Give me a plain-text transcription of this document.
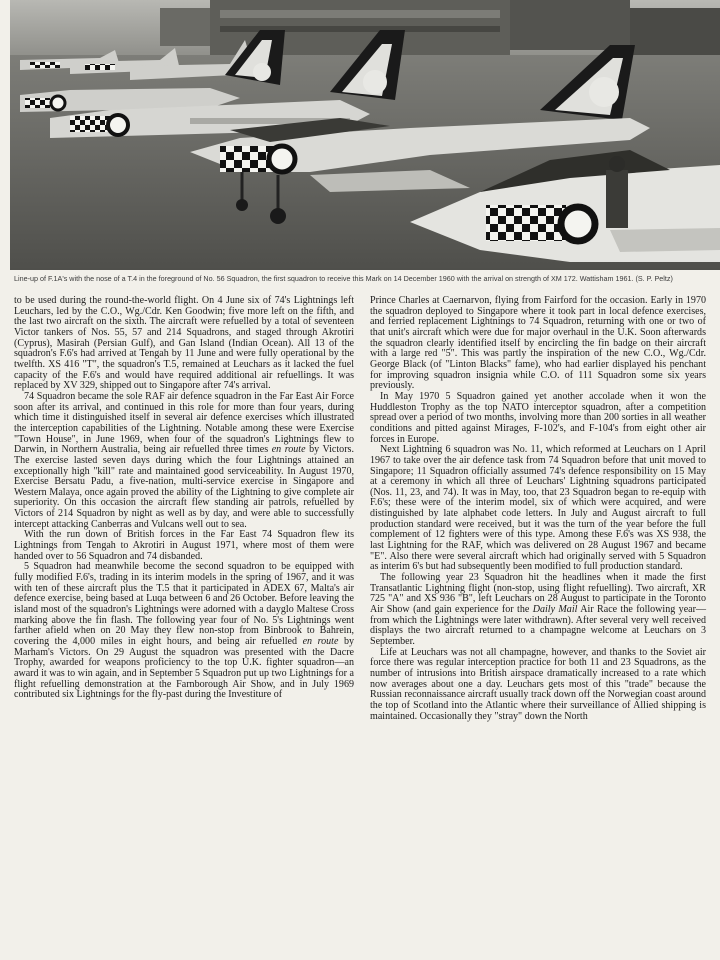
Line-up of F.1A's with the nose of a T.4 in the foreground of No. 56 Squadron, the first squadron to receive this Mark on 14 December 1960 with the arrival on strength of XM 172. Wattisham 1961. (S. P. Peltz)

to be used during the round-the-world flight. On 4 June six of 74's Lightnings left Leuchars, led by the C.O., Wg./Cdr. Ken Goodwin; five more left on the fifth, and the last two aircraft on the sixth. The aircraft were refuelled by a total of seventeen Victor tankers of Nos. 55, 57 and 214 Squadrons, and staged through Akrotiri (Cyprus), Masirah (Persian Gulf), and Gan Island (Indian Ocean). All 13 of the squadron's F.6's had arrived at Tengah by 11 June and were fully operational by the twelfth. XS 416 "T", the squadron's T.5, remained at Leuchars as it lacked the fuel capacity of the F.6's and would have required additional air refuellings. It was replaced by XV 329, shipped out to Singapore after 74's arrival.

74 Squadron became the sole RAF air defence squadron in the Far East Air Force soon after its arrival, and continued in this role for more than four years, during which time it distinguished itself in several air defence exercises which illustrated the interception capabilities of the Lightning. Notable among these were Exercise "Town House", in June 1969, when four of the squadron's Lightnings flew to Darwin, in Northern Australia, being air refuelled three times en route by Victors. The exercise lasted seven days during which the four Lightnings attained an exceptionally high "kill" rate and maintained good serviceability. In August 1970, Exercise Bersatu Padu, a five-nation, multi-service exercise in Singapore and Western Malaya, once again proved the ability of the Lightning to give complete air superiority. On this occasion the aircraft flew standing air patrols, refuelled by Victors of 214 Squadron by night as well as by day, and were able to successfully intercept attacking Canberras and Vulcans well out to sea.

With the run down of British forces in the Far East 74 Squadron flew its Lightnings from Tengah to Akrotiri in August 1971, where most of them were handed over to 56 Squadron and 74 disbanded.

5 Squadron had meanwhile become the second squadron to be equipped with fully modified F.6's, trading in its interim models in the spring of 1967, and it was with ten of these aircraft plus the T.5 that it participated in ADEX 67, Malta's air defence exercise, being based at Luqa between 6 and 26 October. Before leaving the island most of the squadron's Lightnings were adorned with a dayglo Maltese Cross marking above the fin flash. The following year four of No. 5's Lightnings went farther afield when on 20 May they flew non-stop from Binbrook to Bahrein, covering the 4,000 miles in eight hours, and being air refuelled en route by Marham's Victors. On 29 August the squadron was presented with the Dacre Trophy, awarded for weapons proficiency to the top U.K. fighter squadron—an award it was to win again, and in September 5 Squadron put up two Lightnings for a flight refuelling demonstration at the Farnborough Air Show, and in July 1969 contributed six Lightnings for the fly-past during the Investiture of

Prince Charles at Caernarvon, flying from Fairford for the occasion. Early in 1970 the squadron deployed to Singapore where it took part in local defence exercises, and ferried replacement Lightnings to 74 Squadron, returning with one or two of that unit's aircraft which were due for major overhaul in the U.K. Soon afterwards the squadron clearly identified itself by encircling the fin badge on their aircraft with a large red "5". This was partly the inspiration of the new C.O., Wg./Cdr. George Black (of "Linton Blacks" fame), who had earlier displayed his penchant for improving squadron insignia while C.O. of 111 Squadron some six years previously.

In May 1970 5 Squadron gained yet another accolade when it won the Huddleston Trophy as the top NATO interceptor squadron, after a competition spread over a period of two months, involving more than 200 sorties in all weather conditions and pitted against Mirages, F-102's, and F-104's from eight other air forces in Europe.

Next Lightning 6 squadron was No. 11, which reformed at Leuchars on 1 April 1967 to take over the air defence task from 74 Squadron before that unit moved to Singapore; 11 Squadron officially assumed 74's defence responsibility on 15 May at a ceremony in which all three of Leuchars' Lightning squadrons participated (Nos. 11, 23, and 74). It was in May, too, that 23 Squadron began to re-equip with F.6's; these were of the interim model, six of which were acquired, and were distinguished by late alphabet code letters. In July and August aircraft to full production standard were received, but it was the turn of the year before the full complement of 12 fighters were of this type. Among these F.6's was XS 938, the last Lightning for the RAF, which was delivered on 28 August 1967 and became "E". Also there were several aircraft which had originally served with 5 Squadron as interim 6's but had subsequently been modified to full production standard.

The following year 23 Squadron hit the headlines when it made the first Transatlantic Lightning flight (non-stop, using flight refuelling). Two aircraft, XR 725 "A" and XS 936 "B", left Leuchars on 28 August to participate in the Toronto Air Show (and gain experience for the Daily Mail Air Race the following year—from which the Lightnings were later withdrawn). After several very well received displays the two aircraft returned to a champagne welcome at Leuchars on 3 September.

Life at Leuchars was not all champagne, however, and thanks to the Soviet air force there was regular interception practice for both 11 and 23 Squadrons, as the number of intrusions into British airspace dramatically increased to a rate which now averages about one a day. Leuchars gets most of this "trade" because the Russian reconnaissance aircraft usually track down off the Norwegian coast around the top of Scotland into the Atlantic where their surveillance of Allied shipping is maintained. Occasionally they "stray" down the North
